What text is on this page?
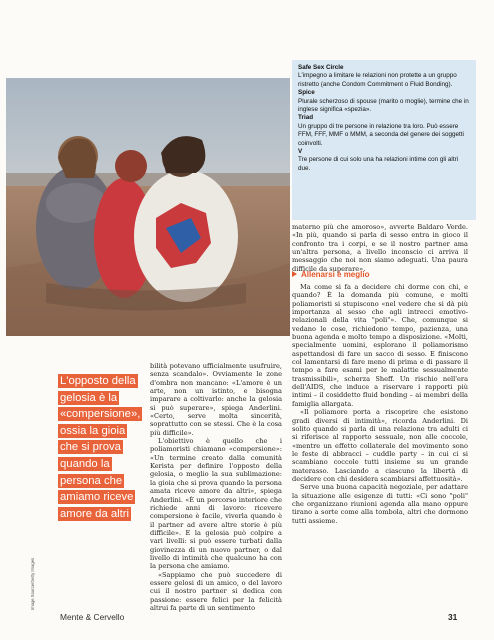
Safe Sex Circle
L'impegno a limitare le relazioni non protette a un gruppo ristretto (anche Condom Commitment o Fluid Bonding).
Spice
Plurale scherzoso di spouse (marito o moglie), termine che in inglese significa «spezia».
Triad
Un gruppo di tre persone in relazione tra loro. Può essere FFM, FFF, MMF o MMM, a seconda del genere dei soggetti coinvolti.
V
Tre persone di cui solo una ha relazioni intime con gli altri due.
L'opposto della
gelosia è la
«compersione»,
ossia la gioia
che si prova
quando la
persona che
amiamo riceve
amore da altri

bilità potevano ufficialmente usufruire, senza scandalo». Ovviamente le zone d'ombra non mancano: «L'amore è un arte, non un istinto, e bisogna imparare a coltivarlo: anche la gelosia si può superare», spiega Anderlini. «Certo, serve molta sincerità, soprattutto con se stessi. Che è la cosa più difficile».

L'obiettivo è quello che i poliamoristi chiamano «compersione»: «Un termine creato dalla comunità Kerista per definire l'opposto della gelosia, o meglio la sua sublimazione: la gioia che si prova quando la persona amata riceve amore da altri», spiega Anderlini. «È un percorso interiore che richiede anni di lavoro: ricevere compersione è facile, viverla quando è il partner ad avere altre storie è più difficile». E la gelosia può colpire a vari livelli: si può essere turbati dalla giovinezza di un nuovo partner, o dal livello di intimità che qualcuno ha con la persona che amiamo.

«Sappiamo che può succedere di essere gelosi di un amico, o del lavoro cui il nostro partner si dedica con passione: essere felici per la felicità altrui fa parte di un sentimento

materno più che amoroso», avverte Baldaro Verde. «In più, quando si parla di sesso entra in gioco il confronto tra i corpi, e se il nostro partner ama un'altra persona, a livello inconscio ci arriva il messaggio che noi non siamo adeguati. Una paura difficile da superare».

Allenarsi è meglio

Ma come si fa a decidere chi dorme con chi, e quando? È la domanda più comune, e molti poliamoristi si stupiscono «nel vedere che si dà più importanza al sesso che agli intrecci emotivo-relazionali della vita "poli"». Che, comunque si vedano le cose, richiedono tempo, pazienza, una buona agenda e molto tempo a disposizione. «Molti, specialmente uomini, esplorano il poliamorismo aspettandosi di fare un sacco di sesso. E finiscono col lamentarsi di fare meno di prima e di passare il tempo a fare esami per le malattie sessualmente trasmissibili», scherza Sheff. Un rischio nell'era dell'AIDS, che induce a riservare i rapporti più intimi – il cosiddetto fluid bonding – ai membri della famiglia allargata.

«Il poliamore porta a riscoprire che esistono gradi diversi di intimità», ricorda Anderlini. Di solito quando si parla di una relazione tra adulti ci si riferisce al rapporto sessuale, non alle coccole, «mentre un effetto collaterale del movimento sono le feste di abbracci – cuddle party – in cui ci si scambiano coccole tutti insieme su un grande materasso. Lasciando a ciascuno la libertà di decidere con chi desidera scambiarsi affettuosità».

Serve una buona capacità negoziale, per adattare la situazione alle esigenze di tutti: «Ci sono "poli" che organizzano riunioni agenda alla mano oppure tirano a sorte come alla tombola, altri che dormono tutti assieme.

Image Source/Getty Images
Mente & Cervello	31
